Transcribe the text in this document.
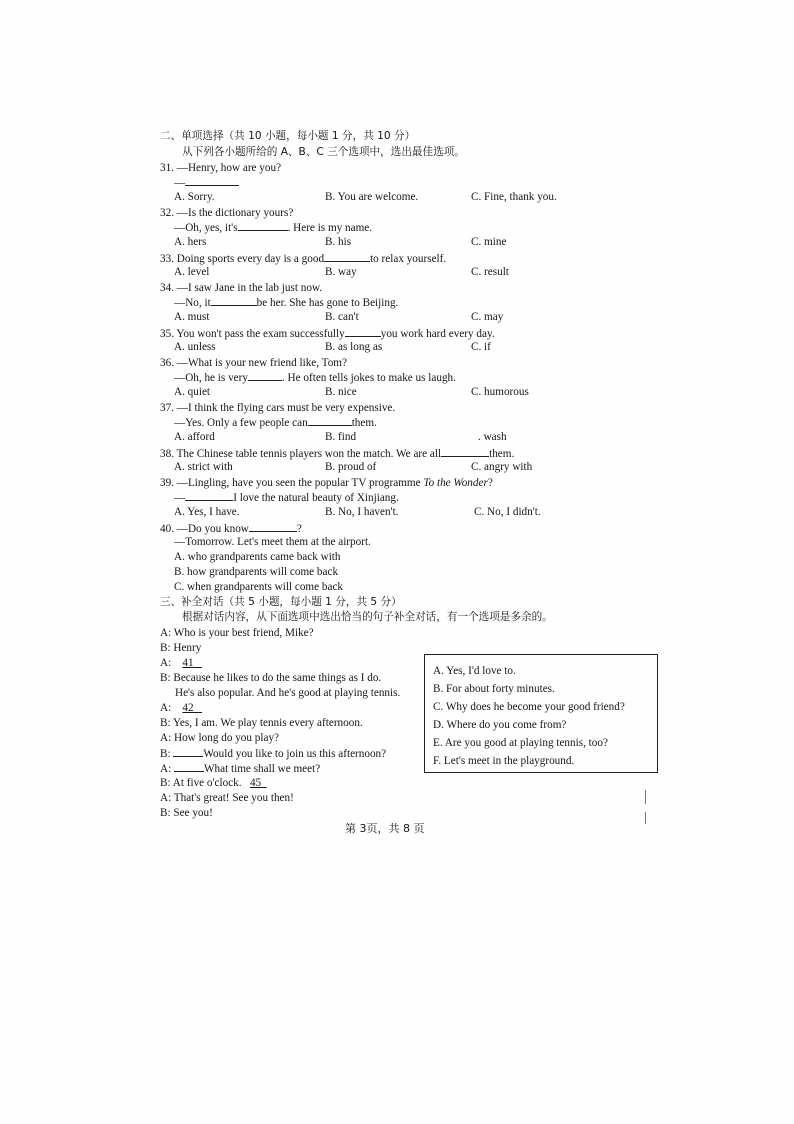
二、单项选择（共 10 小题，每小题 1 分，共 10 分）
从下列各小题所给的 A、B、C 三个选项中，选出最佳选项。
31. —Henry, how are you?
—
A. Sorry.	B. You are welcome.	C. Fine, thank you.
32. —Is the dictionary yours?
—Oh, yes, it's	. Here is my name.
A. hers	B. his	C. mine
33. Doing sports every day is a good	to relax yourself.
A. level	B. way	C. result
34. —I saw Jane in the lab just now.
—No, it	be her. She has gone to Beijing.
A. must	B. can't	C. may
35. You won't pass the exam successfully	you work hard every day.
A. unless	B. as long as	C. if
36. —What is your new friend like, Tom?
—Oh, he is very	. He often tells jokes to make us laugh.
A. quiet	B. nice	C. humorous
37. —I think the flying cars must be very expensive.
—Yes. Only a few people can	them.
A. afford	B. find	. wash
38. The Chinese table tennis players won the match. We are all	them.
A. strict with	B. proud of	C. angry with
39. —Lingling, have you seen the popular TV programme To the Wonder?
—	I love the natural beauty of Xinjiang.
A. Yes, I have.	B. No, I haven't.	C. No, I didn't.
40. —Do you know	?
—Tomorrow. Let's meet them at the airport.
A. who grandparents came back with
B. how grandparents will come back
C. when grandparents will come back
三、补全对话（共 5 小题，每小题 1 分，共 5 分）
根据对话内容，从下面选项中选出恰当的句子补全对话，有一个选项是多余的。
A: Who is your best friend, Mike?
B: Henry
A:    41
B: Because he likes to do the same things as I do.
He's also popular. And he's good at playing tennis.
A:    42
B: Yes, I am. We play tennis every afternoon.
A: How long do you play?
B:	Would you like to join us this afternoon?
A:	What time shall we meet?
B: At five o'clock.   45
A: That's great! See you then!
B: See you!
A. Yes, I'd love to.
B. For about forty minutes.
C. Why does he become your good friend?
D. Where do you come from?
E. Are you good at playing tennis, too?
F. Let's meet in the playground.
第 3页，共 8 页
